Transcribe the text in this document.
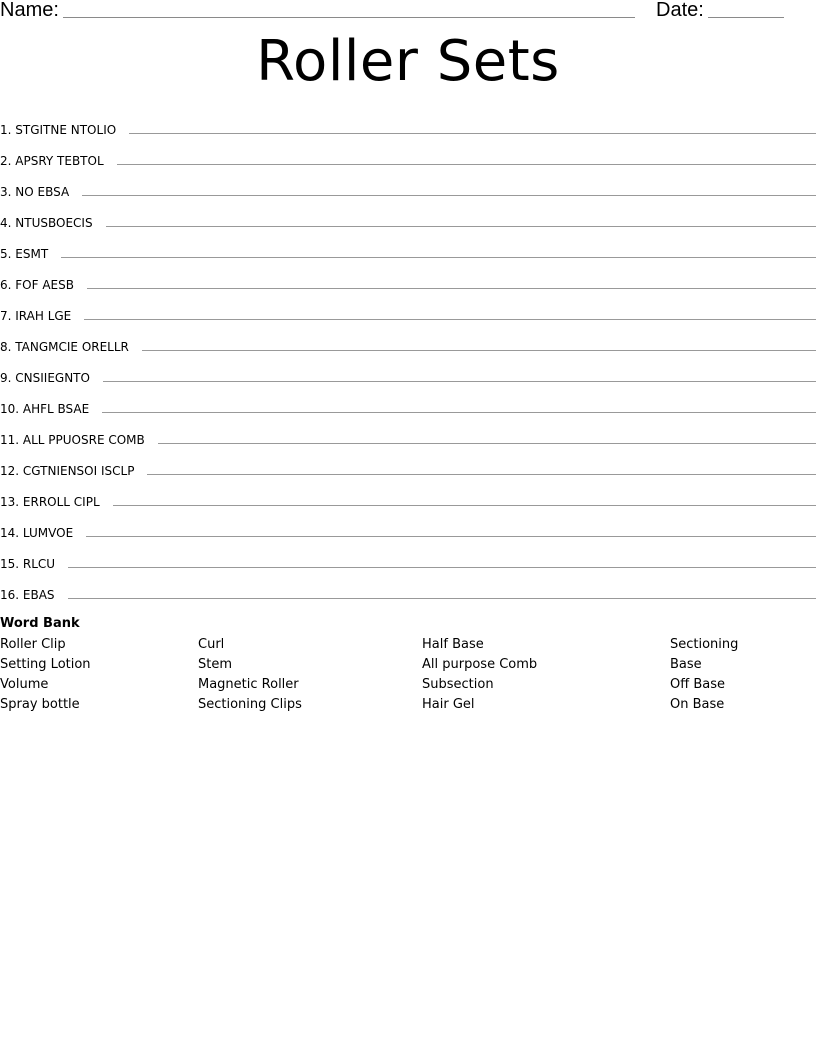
Name:	Date:
Roller Sets
1. STGITNE NTOLIO
2. APSRY TEBTOL
3. NO EBSA
4. NTUSBOECIS
5. ESMT
6. FOF AESB
7. IRAH LGE
8. TANGMCIE ORELLR
9. CNSIIEGNTO
10. AHFL BSAE
11. ALL PPUOSRE COMB
12. CGTNIENSOI ISCLP
13. ERROLL CIPL
14. LUMVOE
15. RLCU
16. EBAS
Word Bank
Roller Clip
Setting Lotion
Volume
Spray bottle
Curl
Stem
Magnetic Roller
Sectioning Clips
Half Base
All purpose Comb
Subsection
Hair Gel
Sectioning
Base
Off Base
On Base
